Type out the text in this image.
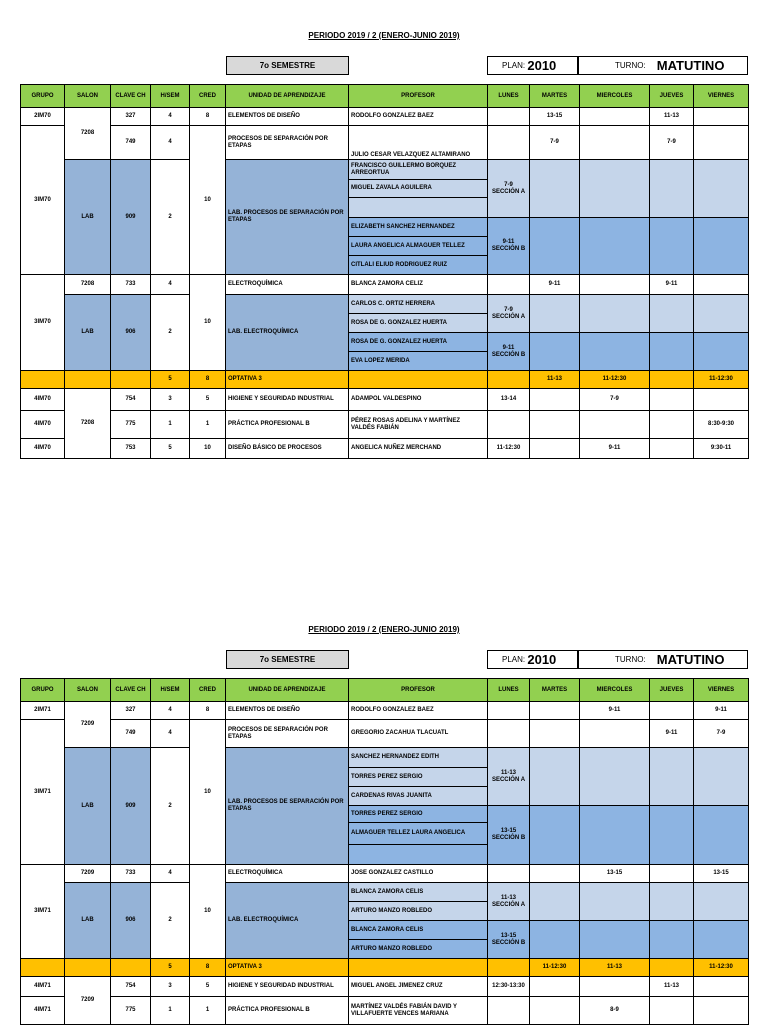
PERIODO 2019 / 2 (ENERO-JUNIO 2019)
7o SEMESTRE	PLAN:
2010	TURNO:
MATUTINO
GRUPO	SALON	CLAVE CH	H/SEM	CRED	UNIDAD DE APRENDIZAJE	PROFESOR	LUNES	MARTES	MIERCOLES	JUEVES	VIERNES
2IM70	7208	327	4	8	ELEMENTOS DE DISEÑO	RODOLFO GONZALEZ BAEZ		13-15		11-13	
3IM70		749	4	10	PROCESOS DE SEPARACIÓN POR ETAPAS	JULIO CESAR VELAZQUEZ ALTAMIRANO		7-9		7-9	
	LAB	909	2		LAB. PROCESOS DE SEPARACIÓN POR ETAPAS	FRANCISCO GUILLERMO BORQUEZ ARREORTUA	7-9 SECCIÓN A				
						MIGUEL ZAVALA AGUILERA					

						ELIZABETH SANCHEZ HERNANDEZ	9-11 SECCIÓN B				
						LAURA ANGELICA ALMAGUER TELLEZ					
						CITLALI ELIUD RODRIGUEZ RUIZ					
3IM70	7208	733	4	10	ELECTROQUÍMICA	BLANCA ZAMORA CELIZ		9-11		9-11	
	LAB	906	2		LAB. ELECTROQUÍMICA	CARLOS C. ORTIZ HERRERA	7-9 SECCIÓN A				
						ROSA DE G. GONZALEZ HUERTA					
						ROSA DE G. GONZALEZ HUERTA	9-11 SECCIÓN B				
						EVA LOPEZ MERIDA					
			5	8	OPTATIVA 3			11-13	11-12:30		11-12:30
4IM70	7208	754	3	5	HIGIENE Y SEGURIDAD INDUSTRIAL	ADAMPOL VALDESPINO	13-14		7-9		
4IM70		775	1	1	PRÁCTICA PROFESIONAL B	PÉREZ ROSAS ADELINA Y MARTÍNEZ VALDÉS FABIÁN					8:30-9:30
4IM70		753	5	10	DISEÑO BÁSICO DE PROCESOS	ANGELICA NUÑEZ MERCHAND	11-12:30		9-11		9:30-11
PERIODO 2019 / 2 (ENERO-JUNIO 2019)
7o SEMESTRE	PLAN:
2010	TURNO:
MATUTINO
GRUPO	SALON	CLAVE CH	H/SEM	CRED	UNIDAD DE APRENDIZAJE	PROFESOR	LUNES	MARTES	MIERCOLES	JUEVES	VIERNES
2IM71	7209	327	4	8	ELEMENTOS DE DISEÑO	RODOLFO GONZALEZ BAEZ			9-11		9-11
3IM71		749	4	10	PROCESOS DE SEPARACIÓN POR ETAPAS	GREGORIO ZACAHUA TLACUATL				9-11	7-9
	LAB	909	2		LAB. PROCESOS DE SEPARACIÓN POR ETAPAS	SANCHEZ HERNANDEZ EDITH	11-13 SECCIÓN A				
						TORRES PEREZ SERGIO					
						CARDENAS RIVAS JUANITA					
						TORRES PEREZ SERGIO	13-15 SECCIÓN B				
						ALMAGUER TELLEZ LAURA ANGELICA					

3IM71	7209	733	4	10	ELECTROQUÍMICA	JOSE GONZALEZ CASTILLO			13-15		13-15
	LAB	906	2		LAB. ELECTROQUÍMICA	BLANCA ZAMORA CELIS	11-13 SECCIÓN A				
						ARTURO MANZO ROBLEDO					
						BLANCA ZAMORA CELIS	13-15 SECCIÓN B				
						ARTURO MANZO ROBLEDO					
			5	8	OPTATIVA 3			11-12:30	11-13		11-12:30
4IM71	7209	754	3	5	HIGIENE Y SEGURIDAD INDUSTRIAL	MIGUEL ANGEL JIMENEZ CRUZ	12:30-13:30			11-13	
4IM71		775	1	1	PRÁCTICA PROFESIONAL B	MARTÍNEZ VALDÉS FABIÁN DAVID Y VILLAFUERTE VENCES MARIANA			8-9		
